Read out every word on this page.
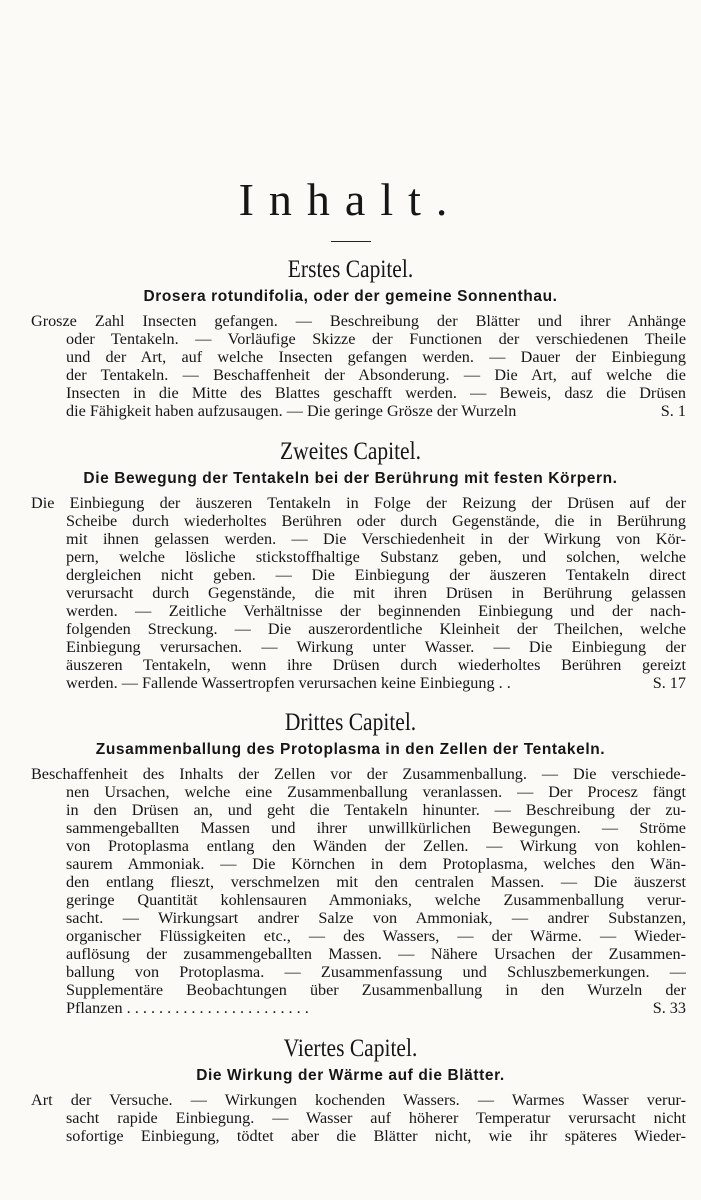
Inhalt.
Erstes Capitel.
Drosera rotundifolia, oder der gemeine Sonnenthau.
Grosze Zahl Insecten gefangen. — Beschreibung der Blätter und ihrer Anhänge
oder Tentakeln. — Vorläufige Skizze der Functionen der verschiedenen Theile
und der Art, auf welche Insecten gefangen werden. — Dauer der Einbiegung
der Tentakeln. — Beschaffenheit der Absonderung. — Die Art, auf welche die
Insecten in die Mitte des Blattes geschafft werden. — Beweis, dasz die Drüsen
die Fähigkeit haben aufzusaugen. — Die geringe Grösze der Wurzeln	S. 1
Zweites Capitel.
Die Bewegung der Tentakeln bei der Berührung mit festen Körpern.
Die Einbiegung der äuszeren Tentakeln in Folge der Reizung der Drüsen auf der
Scheibe durch wiederholtes Berühren oder durch Gegenstände, die in Berührung
mit ihnen gelassen werden. — Die Verschiedenheit in der Wirkung von Kör-
pern, welche lösliche stickstoffhaltige Substanz geben, und solchen, welche
dergleichen nicht geben. — Die Einbiegung der äuszeren Tentakeln direct
verursacht durch Gegenstände, die mit ihren Drüsen in Berührung gelassen
werden. — Zeitliche Verhältnisse der beginnenden Einbiegung und der nach-
folgenden Streckung. — Die auszerordentliche Kleinheit der Theilchen, welche
Einbiegung verursachen. — Wirkung unter Wasser. — Die Einbiegung der
äuszeren Tentakeln, wenn ihre Drüsen durch wiederholtes Berühren gereizt
werden. — Fallende Wassertropfen verursachen keine Einbiegung . .	S. 17
Drittes Capitel.
Zusammenballung des Protoplasma in den Zellen der Tentakeln.
Beschaffenheit des Inhalts der Zellen vor der Zusammenballung. — Die verschiede-
nen Ursachen, welche eine Zusammenballung veranlassen. — Der Procesz fängt
in den Drüsen an, und geht die Tentakeln hinunter. — Beschreibung der zu-
sammengeballten Massen und ihrer unwillkürlichen Bewegungen. — Ströme
von Protoplasma entlang den Wänden der Zellen. — Wirkung von kohlen-
saurem Ammoniak. — Die Körnchen in dem Protoplasma, welches den Wän-
den entlang flieszt, verschmelzen mit den centralen Massen. — Die äuszerst
geringe Quantität kohlensauren Ammoniaks, welche Zusammenballung verur-
sacht. — Wirkungsart andrer Salze von Ammoniak, — andrer Substanzen,
organischer Flüssigkeiten etc., — des Wassers, — der Wärme. — Wieder-
auflösung der zusammengeballten Massen. — Nähere Ursachen der Zusammen-
ballung von Protoplasma. — Zusammenfassung und Schluszbemerkungen. —
Supplementäre Beobachtungen über Zusammenballung in den Wurzeln der
Pflanzen . . . . . . . . . . . . . . . . . . . . . . .	S. 33
Viertes Capitel.
Die Wirkung der Wärme auf die Blätter.
Art der Versuche. — Wirkungen kochenden Wassers. — Warmes Wasser verur-
sacht rapide Einbiegung. — Wasser auf höherer Temperatur verursacht nicht
sofortige Einbiegung, tödtet aber die Blätter nicht, wie ihr späteres Wieder-
